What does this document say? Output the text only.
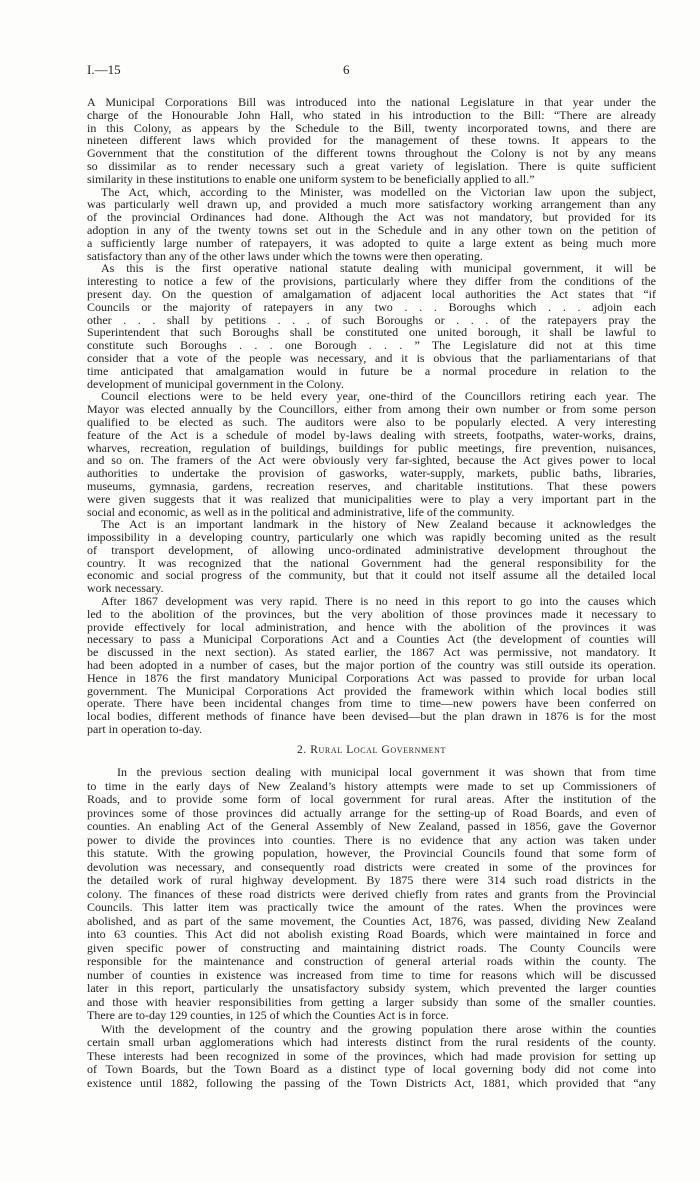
I.—15	6
A Municipal Corporations Bill was introduced into the national Legislature in that year under the
charge of the Honourable John Hall, who stated in his introduction to the Bill: “There are already
in this Colony, as appears by the Schedule to the Bill, twenty incorporated towns, and there are
nineteen different laws which provided for the management of these towns. It appears to the
Government that the constitution of the different towns throughout the Colony is not by any means
so dissimilar as to render necessary such a great variety of legislation. There is quite sufficient
similarity in these institutions to enable one uniform system to be beneficially applied to all.”
The Act, which, according to the Minister, was modelled on the Victorian law upon the subject,
was particularly well drawn up, and provided a much more satisfactory working arrangement than any
of the provincial Ordinances had done. Although the Act was not mandatory, but provided for its
adoption in any of the twenty towns set out in the Schedule and in any other town on the petition of
a sufficiently large number of ratepayers, it was adopted to quite a large extent as being much more
satisfactory than any of the other laws under which the towns were then operating.
As this is the first operative national statute dealing with municipal government, it will be
interesting to notice a few of the provisions, particularly where they differ from the conditions of the
present day. On the question of amalgamation of adjacent local authorities the Act states that “if
Councils or the majority of ratepayers in any two . . . Boroughs which . . . adjoin each
other . . . shall by petitions . . . of such Boroughs or . . . of the ratepayers pray the
Superintendent that such Boroughs shall be constituted one united borough, it shall be lawful to
constitute such Boroughs . . . one Borough . . . ” The Legislature did not at this time
consider that a vote of the people was necessary, and it is obvious that the parliamentarians of that
time anticipated that amalgamation would in future be a normal procedure in relation to the
development of municipal government in the Colony.
Council elections were to be held every year, one-third of the Councillors retiring each year. The
Mayor was elected annually by the Councillors, either from among their own number or from some person
qualified to be elected as such. The auditors were also to be popularly elected. A very interesting
feature of the Act is a schedule of model by-laws dealing with streets, footpaths, water-works, drains,
wharves, recreation, regulation of buildings, buildings for public meetings, fire prevention, nuisances,
and so on. The framers of the Act were obviously very far-sighted, because the Act gives power to local
authorities to undertake the provision of gasworks, water-supply, markets, public baths, libraries,
museums, gymnasia, gardens, recreation reserves, and charitable institutions. That these powers
were given suggests that it was realized that municipalities were to play a very important part in the
social and economic, as well as in the political and administrative, life of the community.
The Act is an important landmark in the history of New Zealand because it acknowledges the
impossibility in a developing country, particularly one which was rapidly becoming united as the result
of transport development, of allowing unco-ordinated administrative development throughout the
country. It was recognized that the national Government had the general responsibility for the
economic and social progress of the community, but that it could not itself assume all the detailed local
work necessary.
After 1867 development was very rapid. There is no need in this report to go into the causes which
led to the abolition of the provinces, but the very abolition of those provinces made it necessary to
provide effectively for local administration, and hence with the abolition of the provinces it was
necessary to pass a Municipal Corporations Act and a Counties Act (the development of counties will
be discussed in the next section). As stated earlier, the 1867 Act was permissive, not mandatory. It
had been adopted in a number of cases, but the major portion of the country was still outside its operation.
Hence in 1876 the first mandatory Municipal Corporations Act was passed to provide for urban local
government. The Municipal Corporations Act provided the framework within which local bodies still
operate. There have been incidental changes from time to time—new powers have been conferred on
local bodies, different methods of finance have been devised—but the plan drawn in 1876 is for the most
part in operation to-day.
2. Rural Local Government
In the previous section dealing with municipal local government it was shown that from time
to time in the early days of New Zealand’s history attempts were made to set up Commissioners of
Roads, and to provide some form of local government for rural areas. After the institution of the
provinces some of those provinces did actually arrange for the setting-up of Road Boards, and even of
counties. An enabling Act of the General Assembly of New Zealand, passed in 1856, gave the Governor
power to divide the provinces into counties. There is no evidence that any action was taken under
this statute. With the growing population, however, the Provincial Councils found that some form of
devolution was necessary, and consequently road districts were created in some of the provinces for
the detailed work of rural highway development. By 1875 there were 314 such road districts in the
colony. The finances of these road districts were derived chiefly from rates and grants from the Provincial
Councils. This latter item was practically twice the amount of the rates. When the provinces were
abolished, and as part of the same movement, the Counties Act, 1876, was passed, dividing New Zealand
into 63 counties. This Act did not abolish existing Road Boards, which were maintained in force and
given specific power of constructing and maintaining district roads. The County Councils were
responsible for the maintenance and construction of general arterial roads within the county. The
number of counties in existence was increased from time to time for reasons which will be discussed
later in this report, particularly the unsatisfactory subsidy system, which prevented the larger counties
and those with heavier responsibilities from getting a larger subsidy than some of the smaller counties.
There are to-day 129 counties, in 125 of which the Counties Act is in force.
With the development of the country and the growing population there arose within the counties
certain small urban agglomerations which had interests distinct from the rural residents of the county.
These interests had been recognized in some of the provinces, which had made provision for setting up
of Town Boards, but the Town Board as a distinct type of local governing body did not come into
existence until 1882, following the passing of the Town Districts Act, 1881, which provided that “any
